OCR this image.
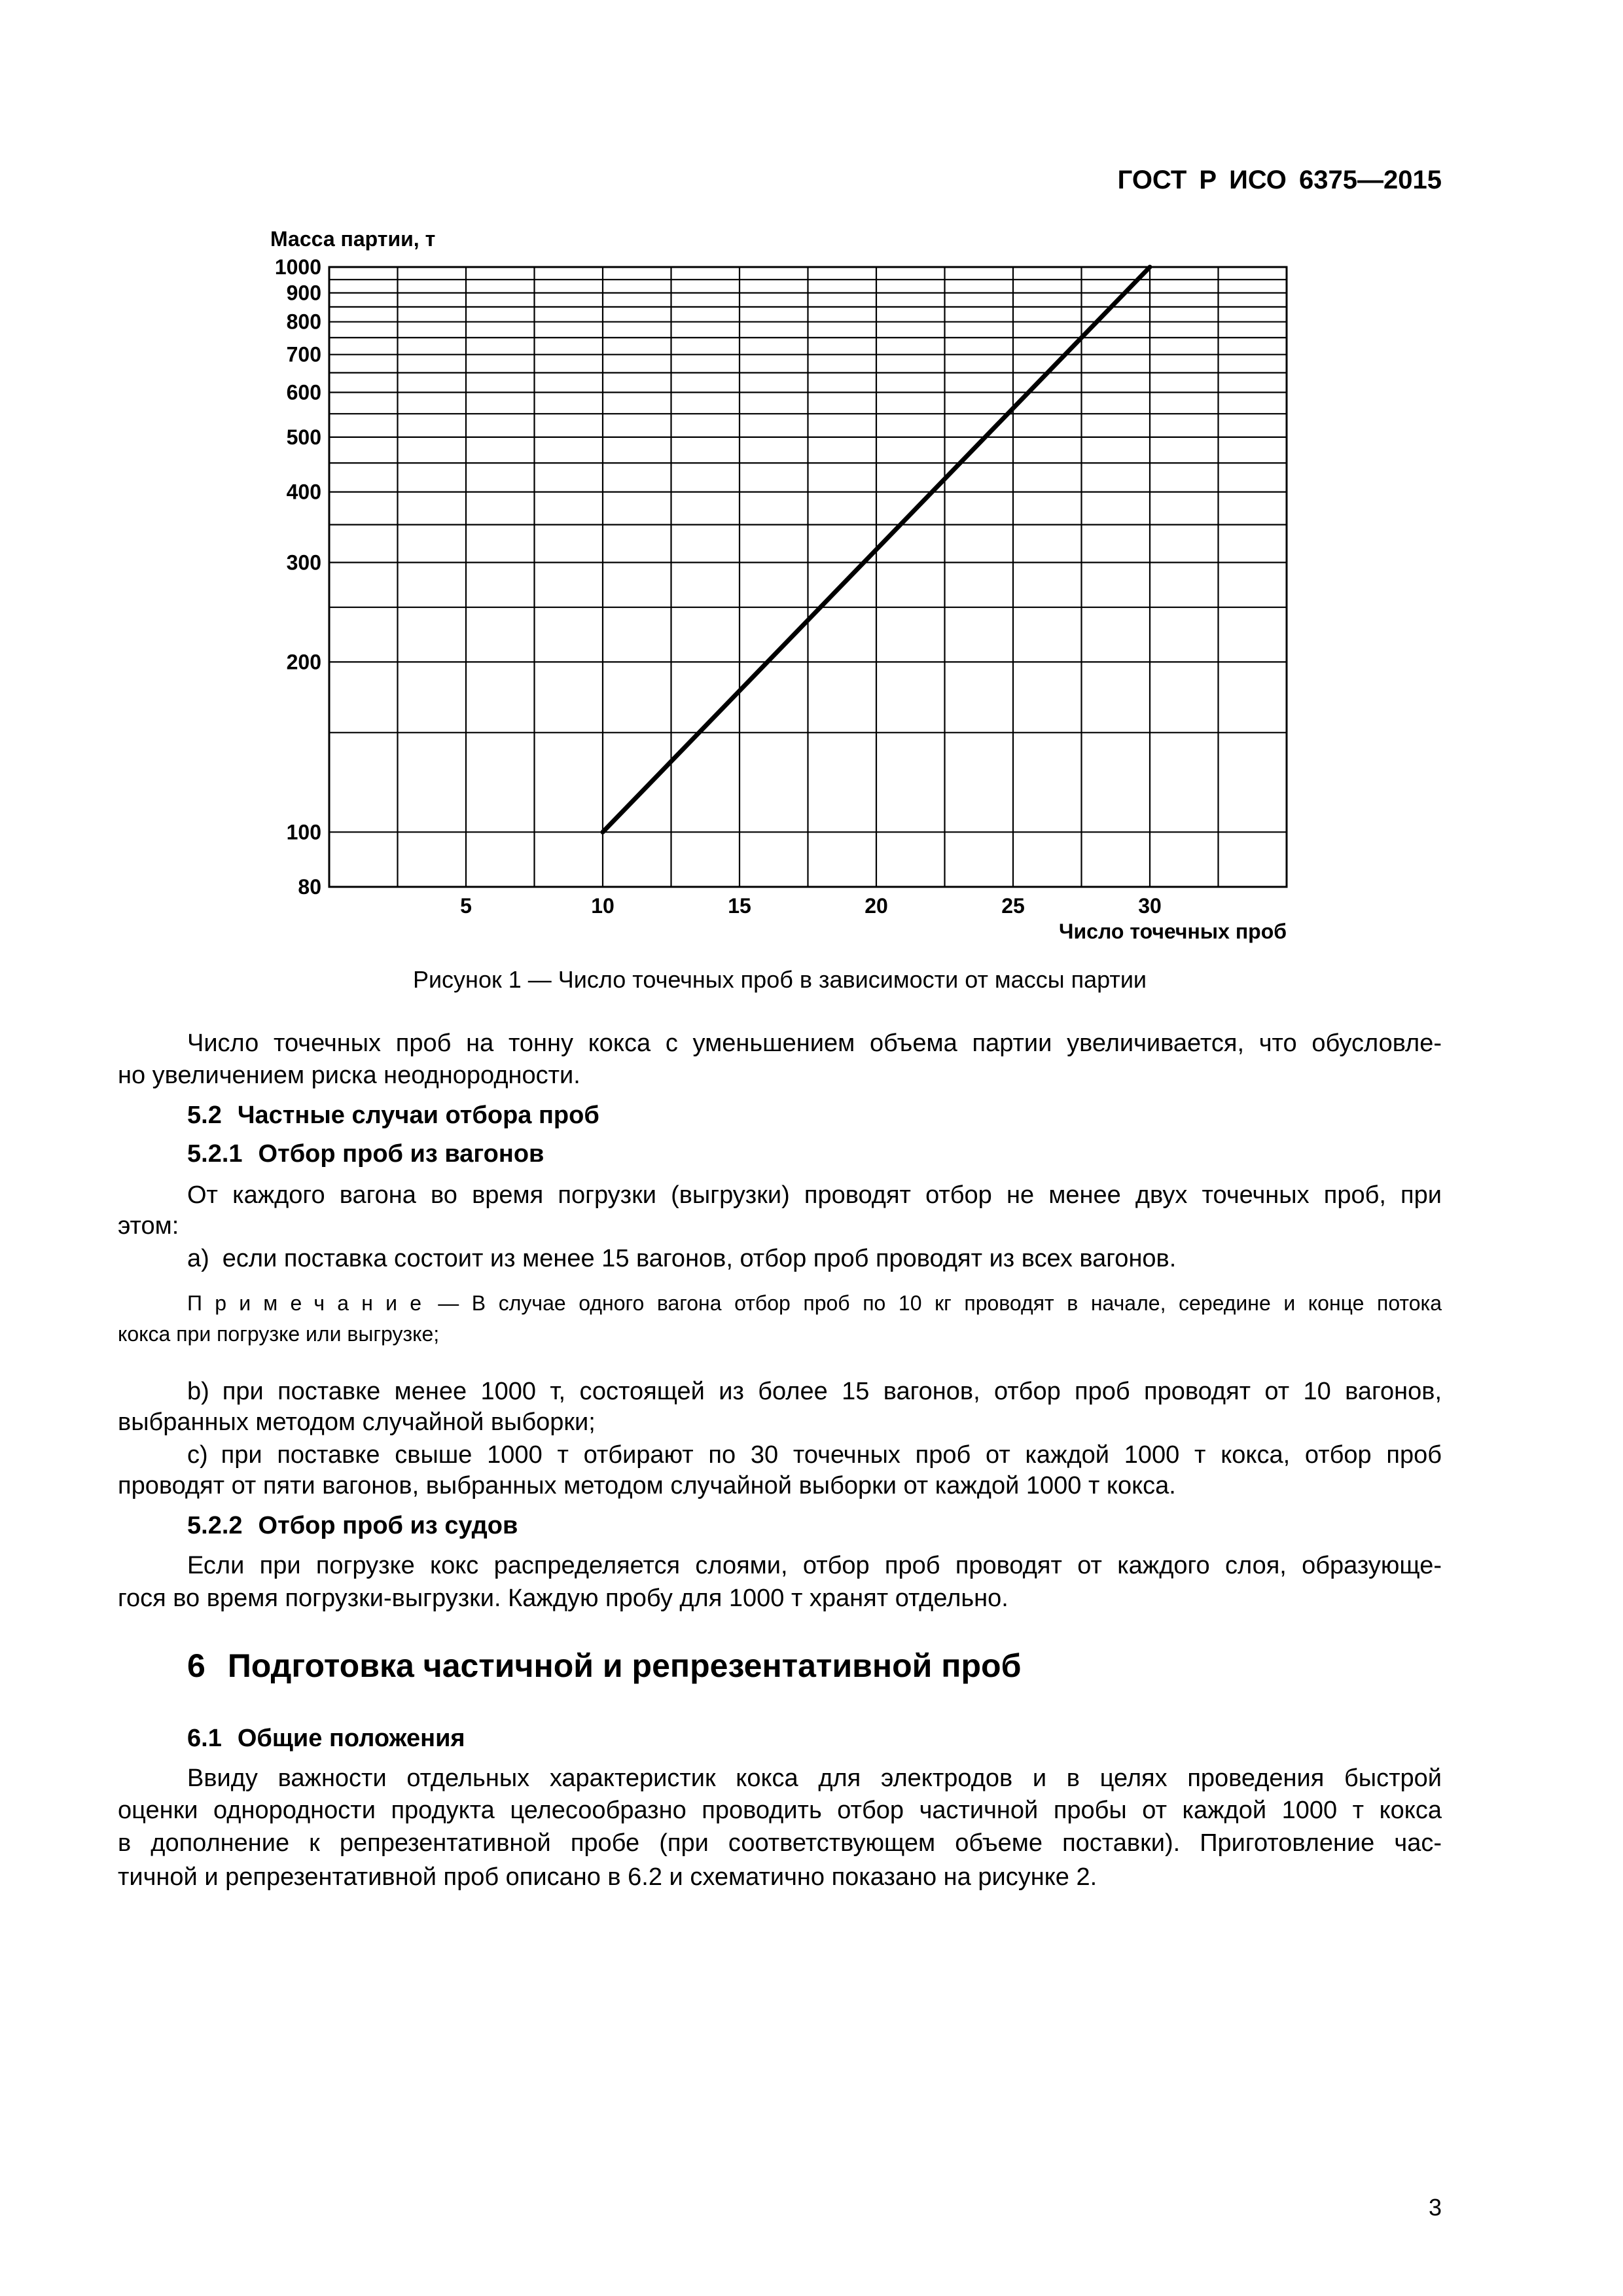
ГОСТ Р ИСО 6375—2015
80
100
200
300
400
500
600
700
800
900
1000
5	10	15	20	25	30
Масса партии, т
Число точечных проб
Рисунок 1 — Число точечных проб в зависимости от массы партии
Число точечных проб на тонну кокса с уменьшением объема партии увеличивается, что обусловле-
но увеличением риска неоднородности.
5.2 Частные случаи отбора проб
5.2.1 Отбор проб из вагонов
От каждого вагона во время погрузки (выгрузки) проводят отбор не менее двух точечных проб, при
этом:
a) если поставка состоит из менее 15 вагонов, отбор проб проводят из всех вагонов.
Примечание — В случае одного вагона отбор проб по 10 кг проводят в начале, середине и конце потока
кокса при погрузке или выгрузке;
b) при поставке менее 1000 т, состоящей из более 15 вагонов, отбор проб проводят от 10 вагонов,
выбранных методом случайной выборки;
c) при поставке свыше 1000 т отбирают по 30 точечных проб от каждой 1000 т кокса, отбор проб
проводят от пяти вагонов, выбранных методом случайной выборки от каждой 1000 т кокса.
5.2.2 Отбор проб из судов
Если при погрузке кокс распределяется слоями, отбор проб проводят от каждого слоя, образующе-
гося во время погрузки-выгрузки. Каждую пробу для 1000 т хранят отдельно.
6 Подготовка частичной и репрезентативной проб
6.1 Общие положения
Ввиду важности отдельных характеристик кокса для электродов и в целях проведения быстрой
оценки однородности продукта целесообразно проводить отбор частичной пробы от каждой 1000 т кокса
в дополнение к репрезентативной пробе (при соответствующем объеме поставки). Приготовление час-
тичной и репрезентативной проб описано в 6.2 и схематично показано на рисунке 2.
3
